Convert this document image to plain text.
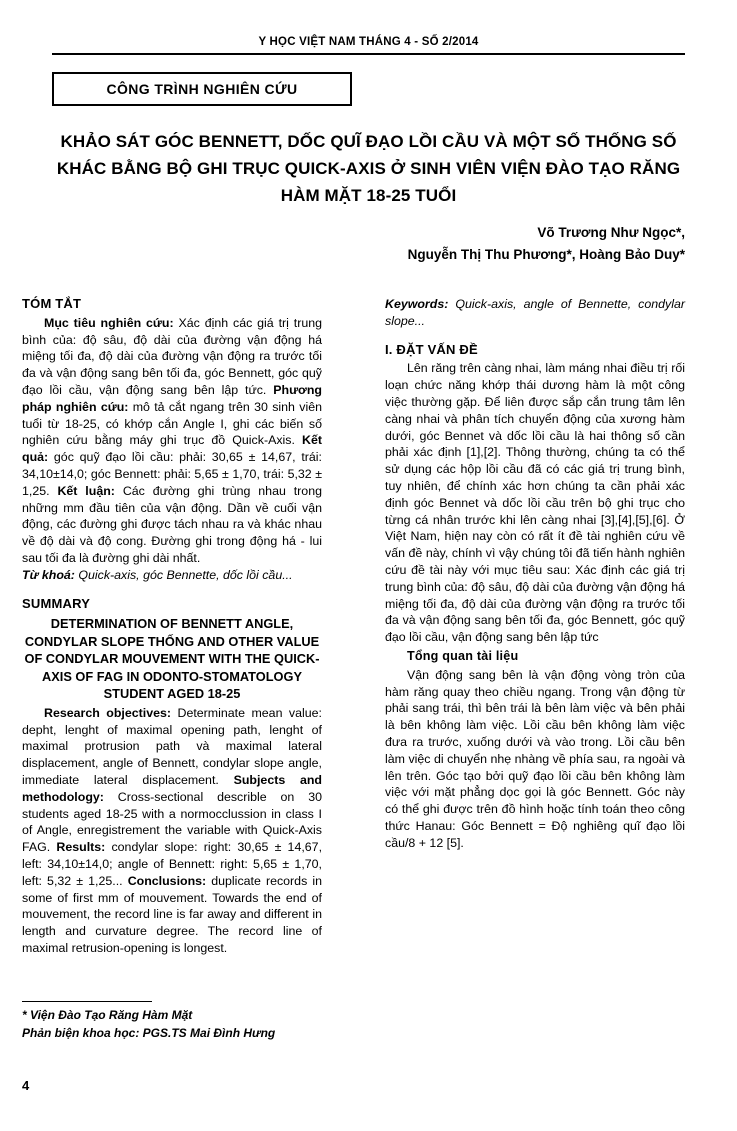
Y HỌC VIỆT NAM THÁNG 4 - SỐ 2/2014
CÔNG TRÌNH NGHIÊN CỨU
KHẢO SÁT GÓC BENNETT, DỐC QUĨ ĐẠO LỒI CẦU VÀ MỘT SỐ THỐNG SỐ KHÁC BẰNG BỘ GHI TRỤC QUICK-AXIS Ở SINH VIÊN VIỆN ĐÀO TẠO RĂNG HÀM MẶT 18-25 TUỔI
Võ Trương Như Ngọc*,
Nguyễn Thị Thu Phương*, Hoàng Bảo Duy*
TÓM TẮT

Mục tiêu nghiên cứu: Xác định các giá trị trung bình của: độ sâu, độ dài của đường vận động há miệng tối đa, độ dài của đường vận động ra trước tối đa và vận động sang bên tối đa, góc Bennett, góc quỹ đạo lồi cầu, vận động sang bên lập tức. Phương pháp nghiên cứu: mô tả cắt ngang trên 30 sinh viên tuổi từ 18-25, có khớp cắn Angle I, ghi các biến số nghiên cứu bằng máy ghi trục đồ Quick-Axis. Kết quả: góc quỹ đạo lồi cầu: phải: 30,65 ± 14,67, trái: 34,10±14,0; góc Bennett: phải: 5,65 ± 1,70, trái: 5,32 ± 1,25. Kết luận: Các đường ghi trùng nhau trong những mm đầu tiên của vận động. Dần về cuối vận động, các đường ghi được tách nhau ra và khác nhau về độ dài và độ cong. Đường ghi trong động há - lui sau tối đa là đường ghi dài nhất.

Từ khoá: Quick-axis, góc Bennette, dốc lồi cầu...

SUMMARY

DETERMINATION OF BENNETT ANGLE, CONDYLAR SLOPE THỐNG AND OTHER VALUE OF CONDYLAR MOUVEMENT WITH THE QUICK-AXIS OF FAG IN ODONTO-STOMATOLOGY STUDENT AGED 18-25

Research objectives: Determinate mean value: depht, lenght of maximal opening path, lenght of maximal protrusion path và maximal lateral displacement, angle of Bennett, condylar slope angle, immediate lateral displacement. Subjects and methodology: Cross-sectional describle on 30 students aged 18-25 with a normocclussion in class I of Angle, enregistrement the variable with Quick-Axis FAG. Results: condylar slope: right: 30,65 ± 14,67, left: 34,10±14,0; angle of Bennett: right: 5,65 ± 1,70, left: 5,32 ± 1,25... Conclusions: duplicate records in some of first mm of mouvement. Towards the end of mouvement, the record line is far away and different in length and curvature degree. The record line of maximal retrusion-opening is longest.

Keywords: Quick-axis, angle of Bennette, condylar slope...

I. ĐẶT VẤN ĐỀ

Lên răng trên càng nhai, làm máng nhai điều trị rối loạn chức năng khớp thái dương hàm là một công việc thường gặp. Để liên được sắp cắn trung tâm lên càng nhai và phân tích chuyển động của xương hàm dưới, góc Bennet và dốc lồi cầu là hai thông số cần phải xác định [1],[2]. Thông thường, chúng ta có thể sử dụng các hộp lồi cầu đã có các giá trị trung bình, tuy nhiên, để chính xác hơn chúng ta cần phải xác định góc Bennet và dốc lồi cầu trên bộ ghi trục cho từng cá nhân trước khi lên càng nhai [3],[4],[5],[6]. Ở Việt Nam, hiện nay còn có rất ít đề tài nghiên cứu về vấn đề này, chính vì vậy chúng tôi đã tiến hành nghiên cứu đề tài này với mục tiêu sau: Xác định các giá trị trung bình của: độ sâu, độ dài của đường vận động há miệng tối đa, độ dài của đường vận động ra trước tối đa và vận động sang bên tối đa, góc Bennett, góc quỹ đạo lồi cầu, vận động sang bên lập tức

Tổng quan tài liệu

Vận động sang bên là vận động vòng tròn của hàm răng quay theo chiều ngang. Trong vận động từ phải sang trái, thì bên trái là bên làm việc và bên phải là bên không làm việc. Lồi cầu bên không làm việc đưa ra trước, xuống dưới và vào trong. Lồi cầu bên làm việc di chuyển nhẹ nhàng về phía sau, ra ngoài và lên trên. Góc tạo bởi quỹ đạo lồi cầu bên không làm việc với mặt phẳng dọc gọi là góc Bennett. Góc này có thể ghi được trên đồ hình hoặc tính toán theo công thức Hanau: Góc Bennett = Độ nghiêng quĩ đạo lồi cầu/8 + 12 [5].

* Viện Đào Tạo Răng Hàm Mặt
Phản biện khoa học: PGS.TS Mai Đình Hưng
4
